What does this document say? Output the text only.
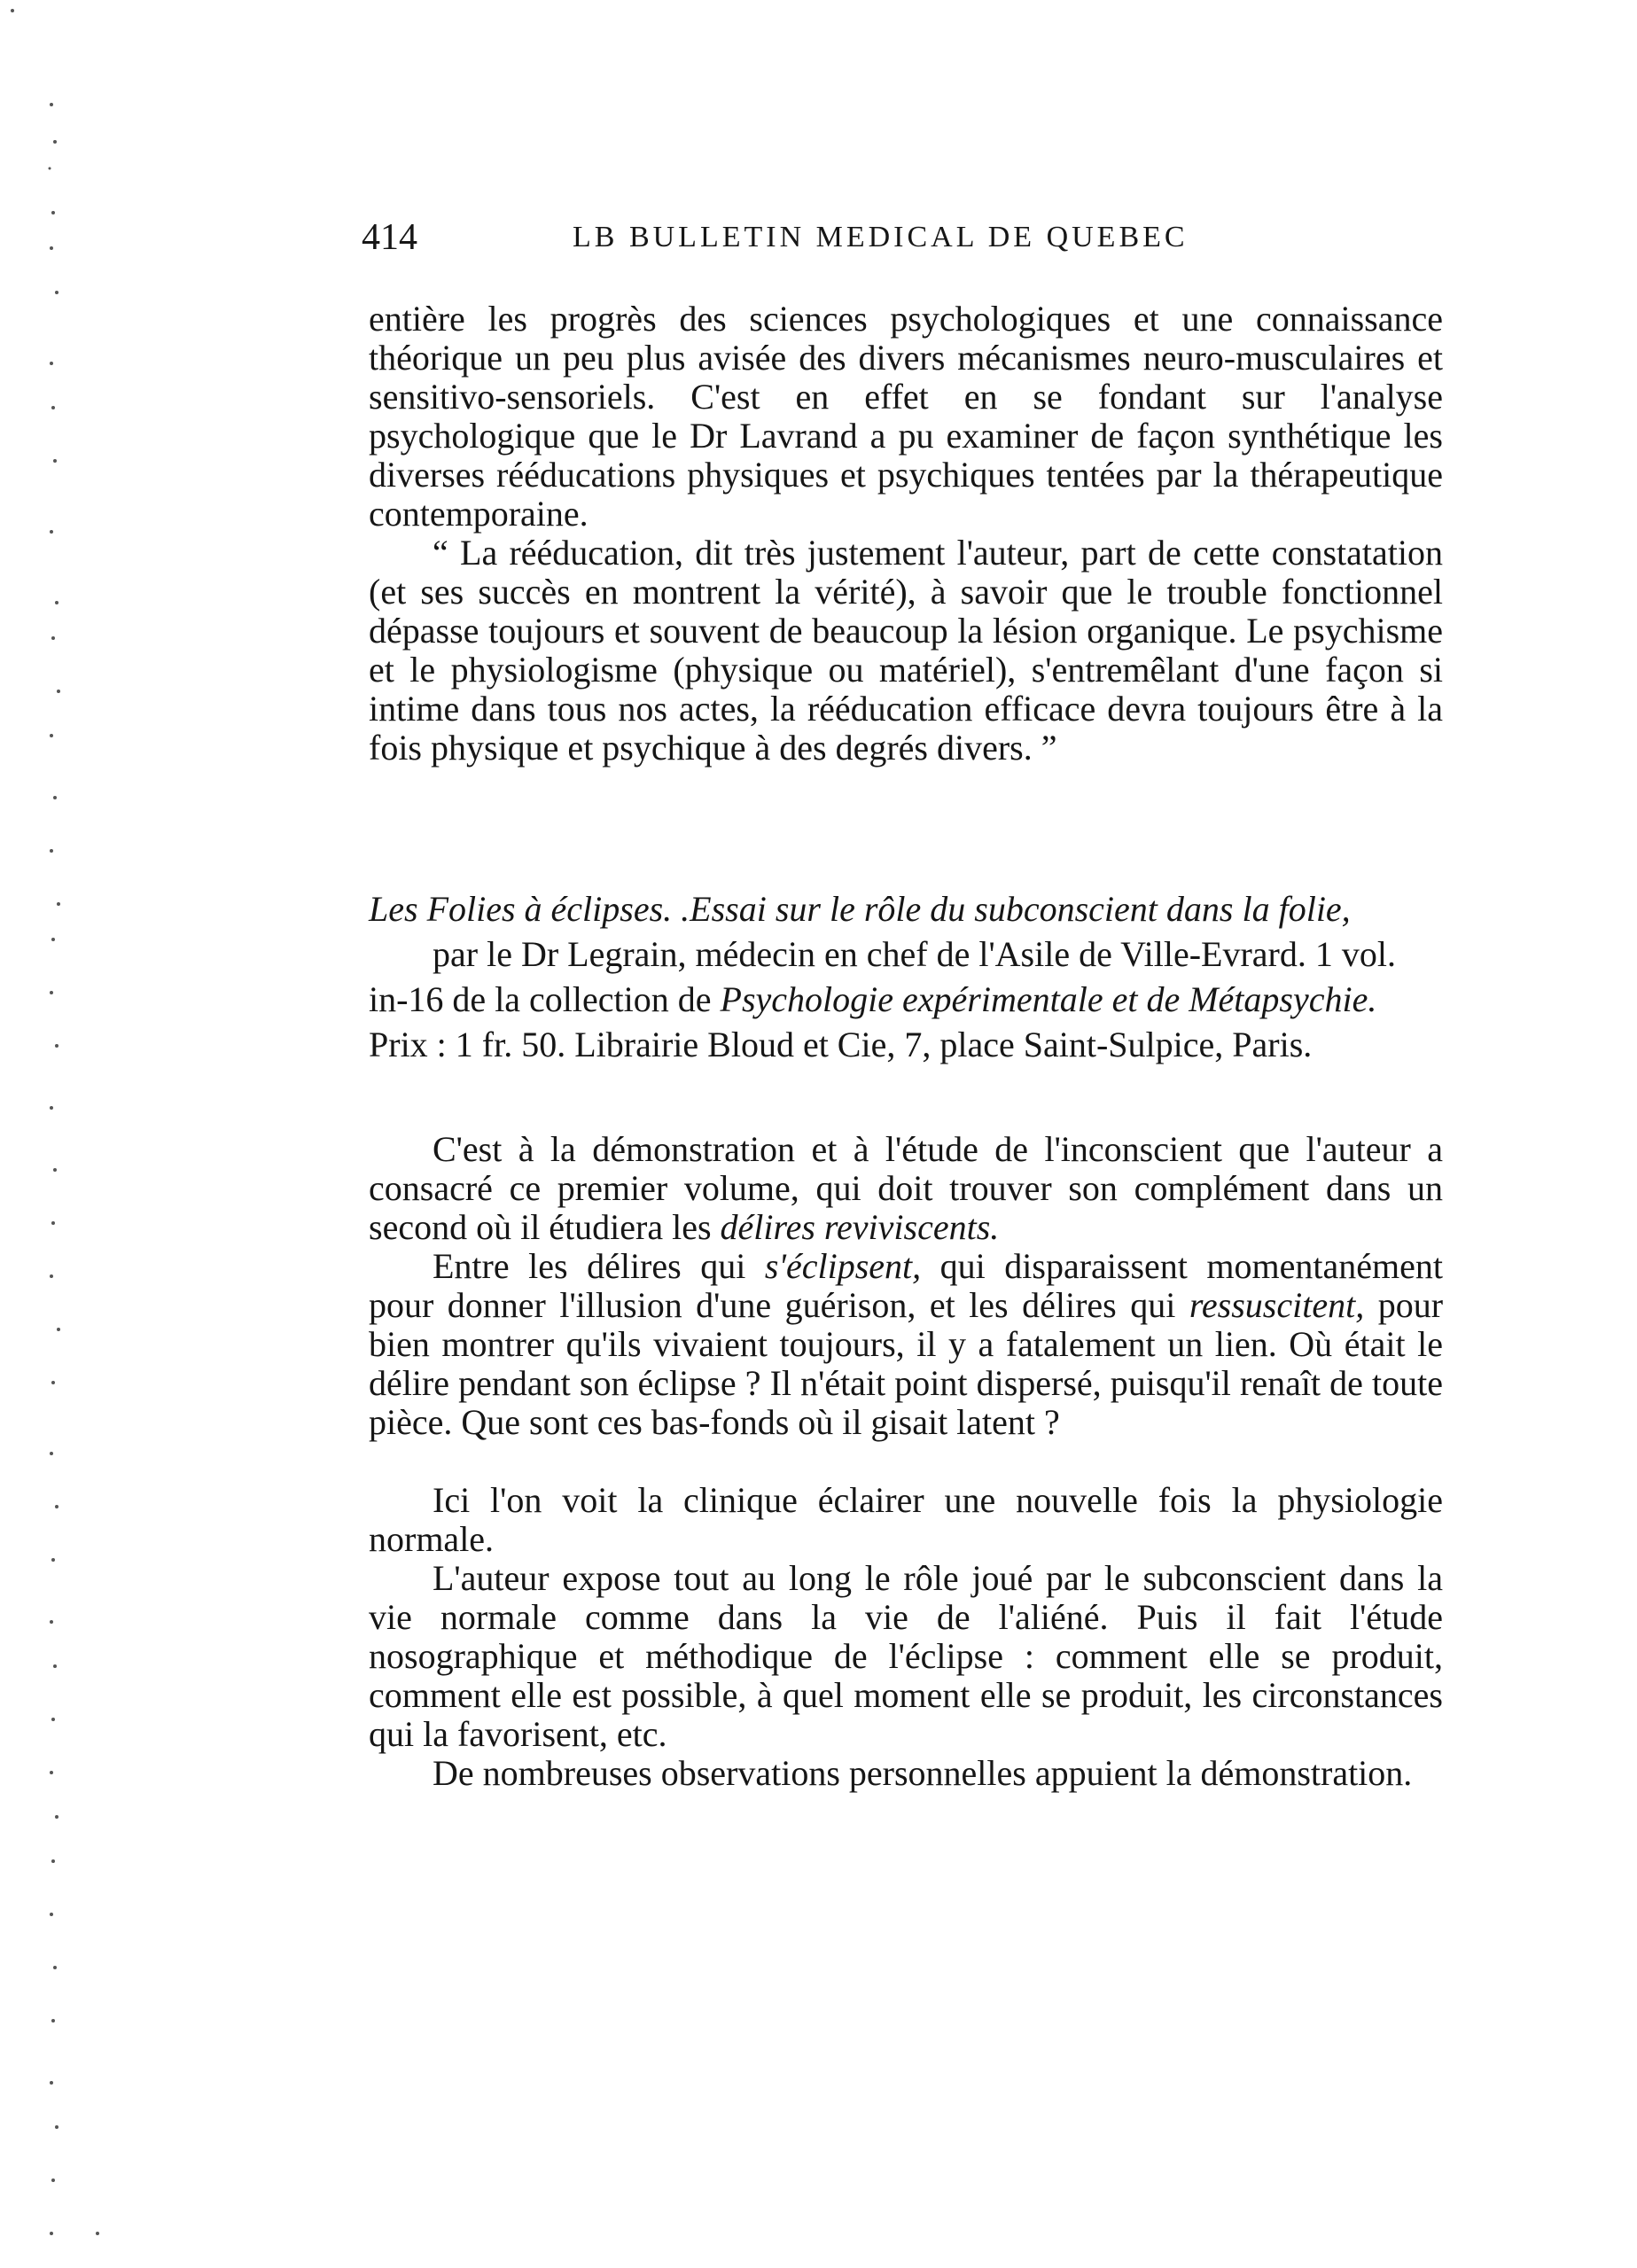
414	LB BULLETIN MEDICAL DE QUEBEC

entière les progrès des sciences psychologiques et une connaissance théorique un peu plus avisée des divers mécanismes neuro-musculaires et sensitivo-sensoriels. C'est en effet en se fondant sur l'analyse psychologique que le Dr Lavrand a pu examiner de façon synthétique les diverses rééducations physiques et psychiques tentées par la thérapeutique contemporaine.

“ La rééducation, dit très justement l'auteur, part de cette constatation (et ses succès en montrent la vérité), à savoir que le trouble fonctionnel dépasse toujours et souvent de beaucoup la lésion organique. Le psychisme et le physiologisme (physique ou matériel), s'entremêlant d'une façon si intime dans tous nos actes, la rééducation efficace devra toujours être à la fois physique et psychique à des degrés divers. ”

Les Folies à éclipses. .Essai sur le rôle du subconscient dans la folie, par le Dr Legrain, médecin en chef de l'Asile de Ville-Evrard. 1 vol. in-16 de la collection de Psychologie expérimentale et de Métapsychie. Prix : 1 fr. 50. Librairie Bloud et Cie, 7, place Saint-Sulpice, Paris.

C'est à la démonstration et à l'étude de l'inconscient que l'auteur a consacré ce premier volume, qui doit trouver son complément dans un second où il étudiera les délires reviviscents.

Entre les délires qui s'éclipsent, qui disparaissent momentanément pour donner l'illusion d'une guérison, et les délires qui ressuscitent, pour bien montrer qu'ils vivaient toujours, il y a fatalement un lien. Où était le délire pendant son éclipse ? Il n'était point dispersé, puisqu'il renaît de toute pièce. Que sont ces bas-fonds où il gisait latent ?

Ici l'on voit la clinique éclairer une nouvelle fois la physiologie normale.

L'auteur expose tout au long le rôle joué par le subconscient dans la vie normale comme dans la vie de l'aliéné. Puis il fait l'étude nosographique et méthodique de l'éclipse : comment elle se produit, comment elle est possible, à quel moment elle se produit, les circonstances qui la favorisent, etc.

De nombreuses observations personnelles appuient la démonstration.
